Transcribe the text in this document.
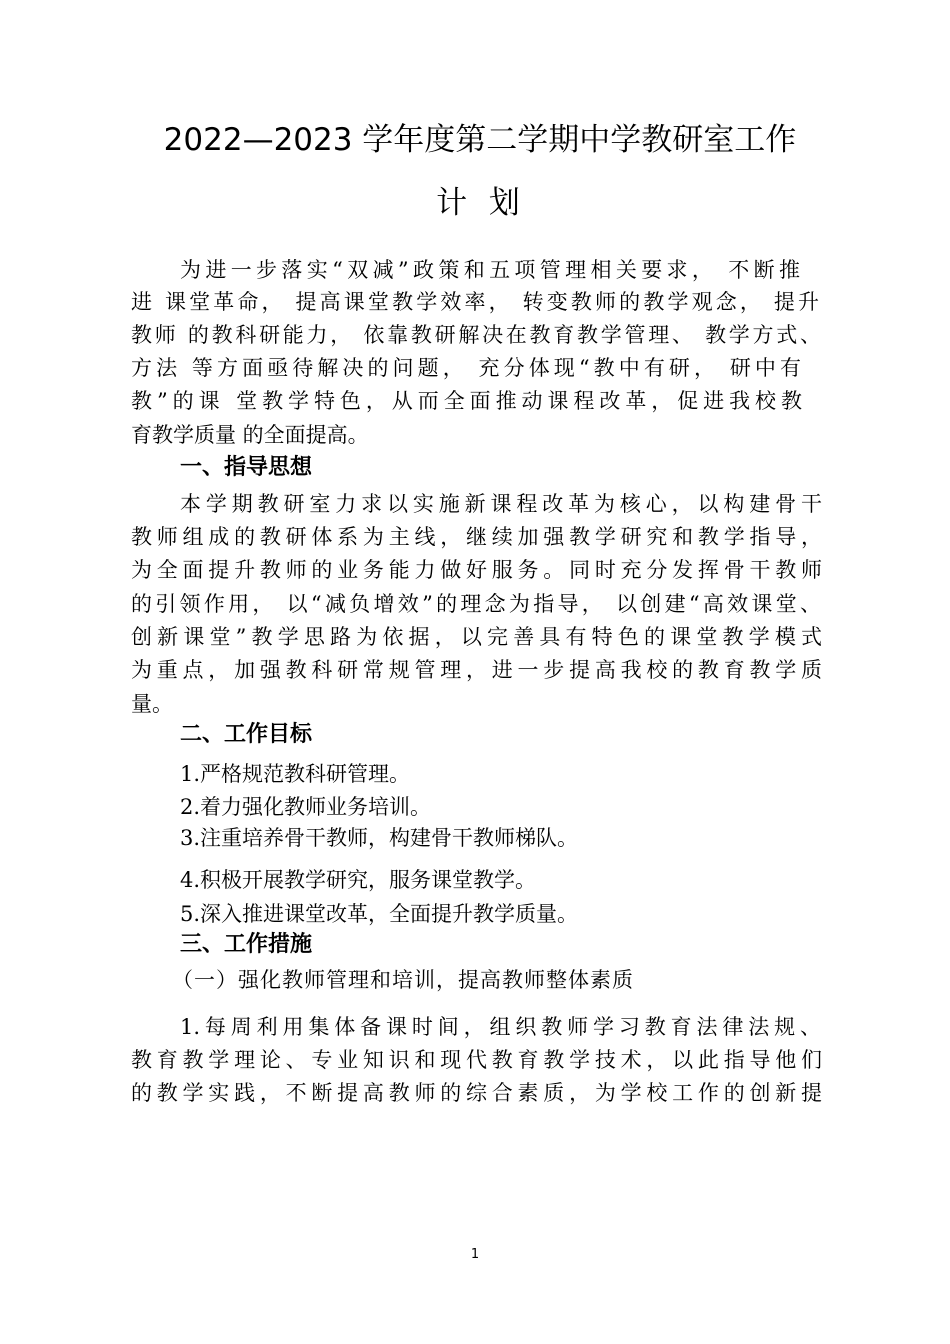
2022—2023 学年度第二学期中学教研室工作
计 划
为进一步落实“双减”政策和五项管理相关要求， 不断推
进 课堂革命， 提高课堂教学效率， 转变教师的教学观念， 提升
教师 的教科研能力， 依靠教研解决在教育教学管理、 教学方式、
方法 等方面亟待解决的问题， 充分体现“教中有研， 研中有
教”的课 堂教学特色，从而全面推动课程改革，促进我校教
育教学质量 的全面提高。
一、指导思想
本学期教研室力求以实施新课程改革为核心，以构建骨干
教师组成的教研体系为主线，继续加强教学研究和教学指导，
为全面提升教师的业务能力做好服务。同时充分发挥骨干教师
的引领作用， 以“减负增效”的理念为指导， 以创建“高效课堂、
创新课堂”教学思路为依据，以完善具有特色的课堂教学模式
为重点，加强教科研常规管理，进一步提高我校的教育教学质
量。
二、工作目标
1.严格规范教科研管理。
2.着力强化教师业务培训。
3.注重培养骨干教师，构建骨干教师梯队。
4.积极开展教学研究，服务课堂教学。
5.深入推进课堂改革，全面提升教学质量。
三、工作措施
（一）强化教师管理和培训，提高教师整体素质
1.每周利用集体备课时间，组织教师学习教育法律法规、
教育教学理论、专业知识和现代教育教学技术，以此指导他们
的教学实践，不断提高教师的综合素质，为学校工作的创新提
1
